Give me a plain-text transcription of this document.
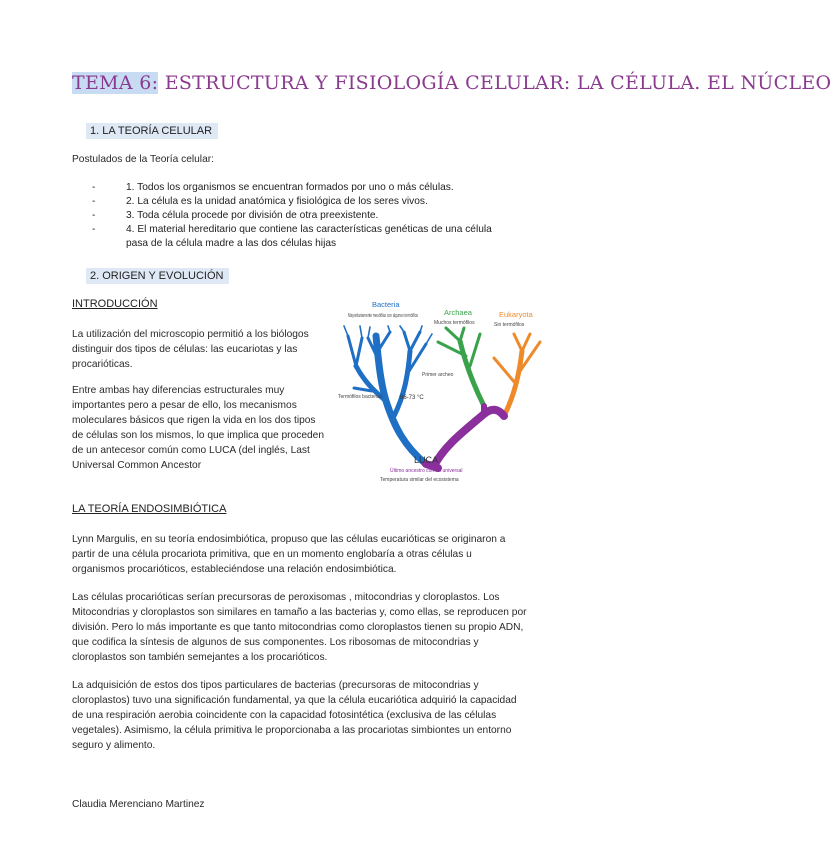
TEMA 6: ESTRUCTURA Y FISIOLOGÍA CELULAR: LA CÉLULA. EL NÚCLEO
1. LA TEORÍA CELULAR
Postulados de la Teoría celular:
-	1. Todos los organismos se encuentran formados por uno o más células.
-	2. La célula es la unidad anatómica y fisiológica de los seres vivos.
-	3. Toda célula procede por división de otra preexistente.
-	4. El material hereditario que contiene las características genéticas de una célula pasa de la célula madre a las dos células hijas
2. ORIGEN Y EVOLUCIÓN
INTRODUCCIÓN

La utilización del microscopio permitió a los biólogos distinguir dos tipos de células: las eucariotas y las procarióticas.

Entre ambas hay diferencias estructurales muy importantes pero a pesar de ello, los mecanismos moleculares básicos que rigen la vida en los dos tipos de células son los mismos, lo que implica que proceden de un antecesor común como LUCA (del inglés, Last Universal Common Ancestor

Bacteria
Mayoritariamente mesófilas con algunos termófilos	Archaea
Muchos termófilos
Eukaryota
Sin termófilos
Primer archeo
Termófilos bacterias	66-73 °C
LUCA
Último ancestro común universal
Temperatura similar del ecosistema
LA TEORÍA ENDOSIMBIÓTICA

Lynn Margulis, en su teoría endosimbiótica, propuso que las células eucarióticas se originaron a partir de una célula procariota primitiva, que en un momento englobaría a otras células u organismos procarióticos, estableciéndose una relación endosimbiótica.

Las células procarióticas serían precursoras de peroxisomas , mitocondrias y cloroplastos. Los Mitocondrias y cloroplastos son similares en tamaño a las bacterias y, como ellas, se reproducen por división. Pero lo más importante es que tanto mitocondrias como cloroplastos tienen su propio ADN, que codifica la síntesis de algunos de sus componentes. Los ribosomas de mitocondrias y cloroplastos son también semejantes a los procarióticos.

La adquisición de estos dos tipos particulares de bacterias (precursoras de mitocondrias y cloroplastos) tuvo una significación fundamental, ya que la célula eucariótica adquirió la capacidad de una respiración aerobia coincidente con la capacidad fotosintética (exclusiva de las células vegetales). Asimismo, la célula primitiva le proporcionaba a las procariotas simbiontes un entorno seguro y alimento.

Claudia Merenciano Martinez
